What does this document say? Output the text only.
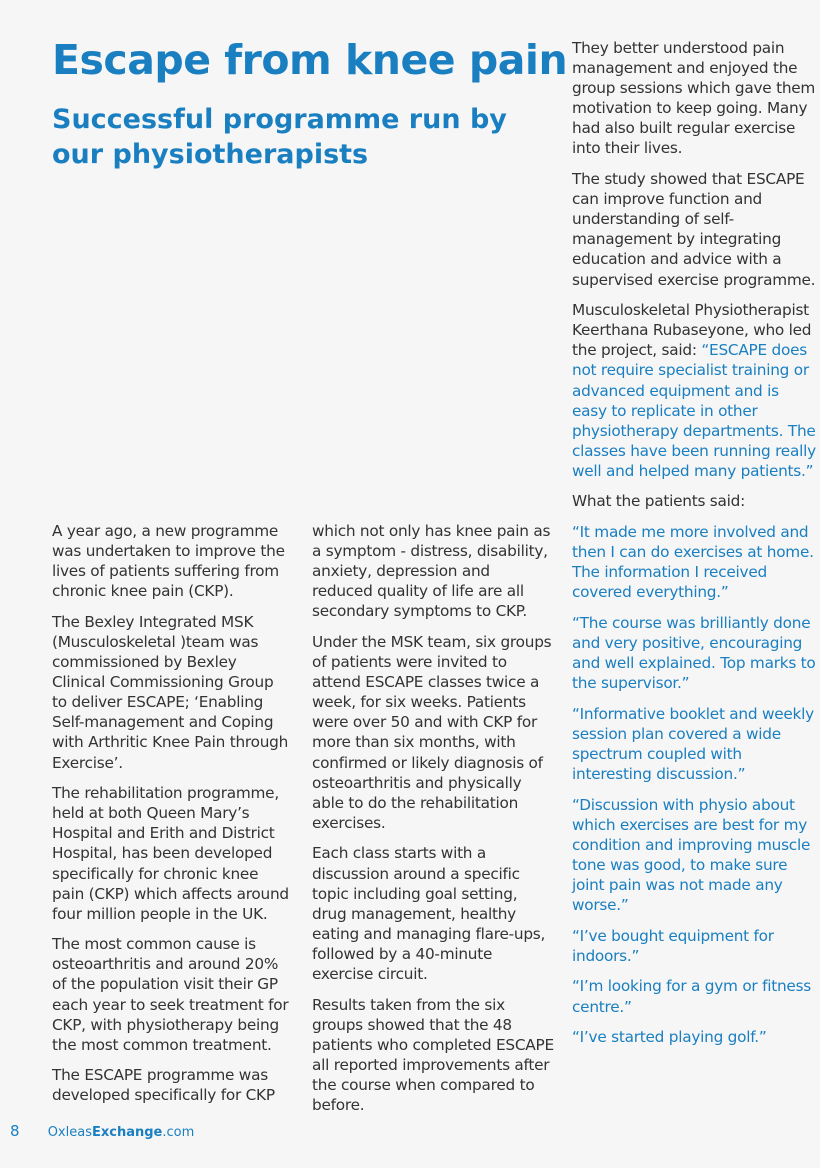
Escape from knee pain
Successful programme run by our physiotherapists

A year ago, a new programme was undertaken to improve the lives of patients suffering from chronic knee pain (CKP).

The Bexley Integrated MSK (Musculoskeletal )team was commissioned by Bexley Clinical Commissioning Group to deliver ESCAPE; ‘Enabling Self-management and Coping with Arthritic Knee Pain through Exercise’.

The rehabilitation programme, held at both Queen Mary’s Hospital and Erith and District Hospital, has been developed specifically for chronic knee pain (CKP) which affects around four million people in the UK.

The most common cause is osteoarthritis and around 20% of the population visit their GP each year to seek treatment for CKP, with physiotherapy being the most common treatment.

The ESCAPE programme was developed specifically for CKP

which not only has knee pain as a symptom - distress, disability, anxiety, depression and reduced quality of life are all secondary symptoms to CKP.

Under the MSK team, six groups of patients were invited to attend ESCAPE classes twice a week, for six weeks. Patients were over 50 and with CKP for more than six months, with confirmed or likely diagnosis of osteoarthritis and physically able to do the rehabilitation exercises.

Each class starts with a discussion around a specific topic including goal setting, drug management, healthy eating and managing flare-ups, followed by a 40-minute exercise circuit.

Results taken from the six groups showed that the 48 patients who completed ESCAPE all reported improvements after the course when compared to before.

They better understood pain management and enjoyed the group sessions which gave them motivation to keep going. Many had also built regular exercise into their lives.

The study showed that ESCAPE can improve function and understanding of self-management by integrating education and advice with a supervised exercise programme.

Musculoskeletal Physiotherapist Keerthana Rubaseyone, who led the project, said: “ESCAPE does not require specialist training or advanced equipment and is easy to replicate in other physiotherapy departments. The classes have been running really well and helped many patients.”

What the patients said:

“It made me more involved and then I can do exercises at home. The information I received covered everything.”

“The course was brilliantly done and very positive, encouraging and well explained. Top marks to the supervisor.”

“Informative booklet and weekly session plan covered a wide spectrum coupled with interesting discussion.”

“Discussion with physio about which exercises are best for my condition and improving muscle tone was good, to make sure joint pain was not made any worse.”

“I’ve bought equipment for indoors.”

“I’m looking for a gym or fitness centre.”

“I’ve started playing golf.”

8 OxleasExchange.com
